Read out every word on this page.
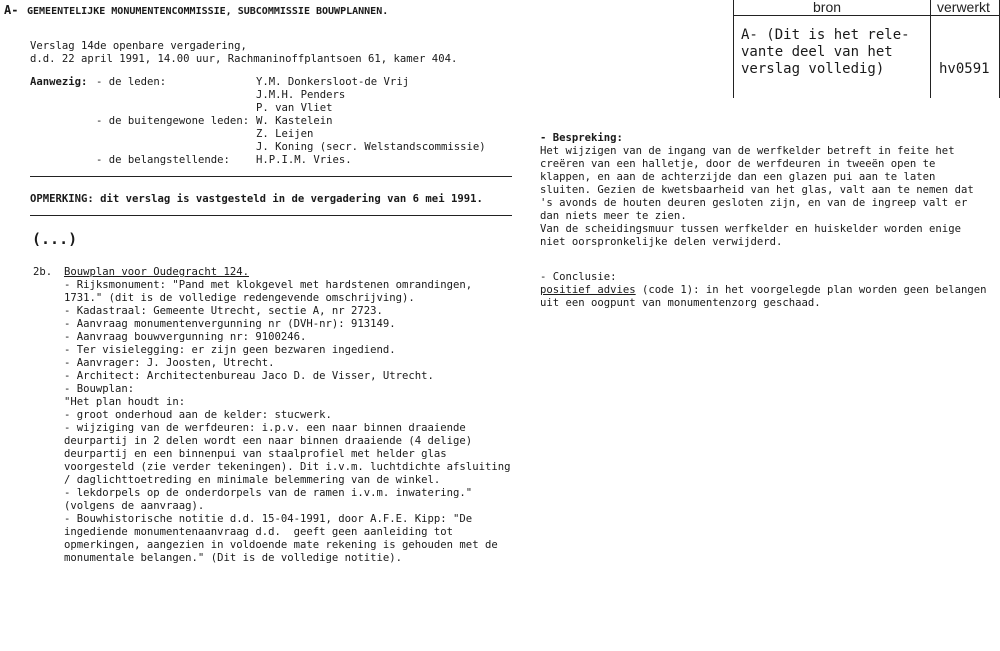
A- GEMEENTELIJKE MONUMENTENCOMMISSIE, SUBCOMMISSIE BOUWPLANNEN.	bron	verwerkt
A- (Dit is het rele-
vante deel van het
verslag volledig)	hv0591
Verslag 14de openbare vergadering,
d.d. 22 april 1991, 14.00 uur, Rachmaninoffplantsoen 61, kamer 404.
Aanwezig: - de leden:	Y.M. Donkersloot-de Vrij
J.M.H. Penders
P. van Vliet
- de buitengewone leden: W. Kastelein
Z. Leijen
J. Koning (secr. Welstandscommissie)
- de belangstellende: H.P.I.M. Vries.
OPMERKING: dit verslag is vastgesteld in de vergadering van 6 mei 1991.
(...)
2b. Bouwplan voor Oudegracht 124.
- Rijksmonument: "Pand met klokgevel met hardstenen omrandingen,
1731." (dit is de volledige redengevende omschrijving).
- Kadastraal: Gemeente Utrecht, sectie A, nr 2723.
- Aanvraag monumentenvergunning nr (DVH-nr): 913149.
- Aanvraag bouwvergunning nr: 9100246.
- Ter visielegging: er zijn geen bezwaren ingediend.
- Aanvrager: J. Joosten, Utrecht.
- Architect: Architectenbureau Jaco D. de Visser, Utrecht.
- Bouwplan:
"Het plan houdt in:
- groot onderhoud aan de kelder: stucwerk.
- wijziging van de werfdeuren: i.p.v. een naar binnen draaiende
deurpartij in 2 delen wordt een naar binnen draaiende (4 delige)
deurpartij en een binnenpui van staalprofiel met helder glas
voorgesteld (zie verder tekeningen). Dit i.v.m. luchtdichte afsluiting
/ daglichttoetreding en minimale belemmering van de winkel.
- lekdorpels op de onderdorpels van de ramen i.v.m. inwatering."
(volgens de aanvraag).
- Bouwhistorische notitie d.d. 15-04-1991, door A.F.E. Kipp: "De
ingediende monumentenaanvraag d.d.  geeft geen aanleiding tot
opmerkingen, aangezien in voldoende mate rekening is gehouden met de
monumentale belangen." (Dit is de volledige notitie).
- Bespreking:
Het wijzigen van de ingang van de werfkelder betreft in feite het
creëren van een halletje, door de werfdeuren in tweeën open te
klappen, en aan de achterzijde dan een glazen pui aan te laten
sluiten. Gezien de kwetsbaarheid van het glas, valt aan te nemen dat
's avonds de houten deuren gesloten zijn, en van de ingreep valt er
dan niets meer te zien.
Van de scheidingsmuur tussen werfkelder en huiskelder worden enige
niet oorspronkelijke delen verwijderd.
- Conclusie:
positief advies (code 1): in het voorgelegde plan worden geen belangen
uit een oogpunt van monumentenzorg geschaad.
